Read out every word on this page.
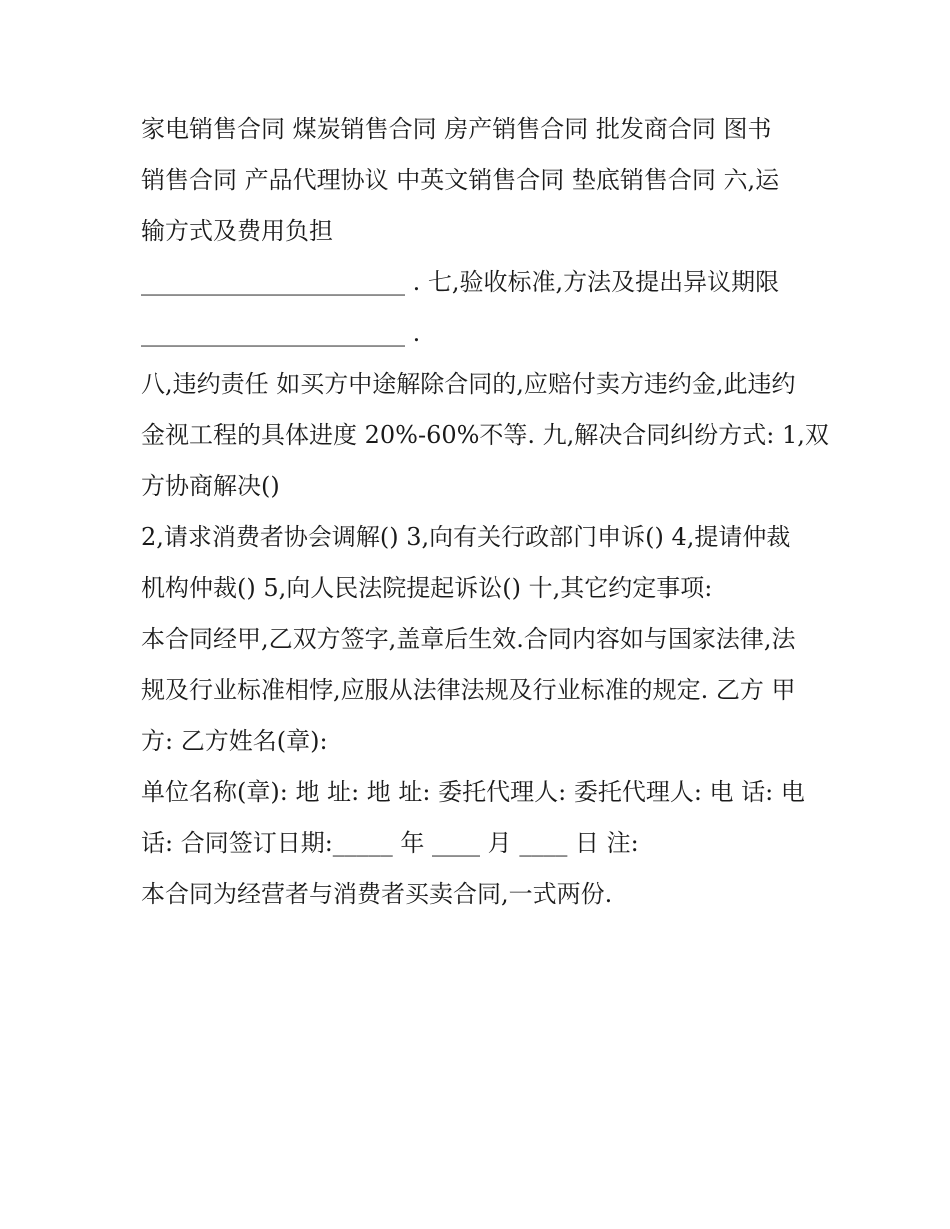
家电销售合同 煤炭销售合同 房产销售合同 批发商合同 图书
销售合同 产品代理协议 中英文销售合同 垫底销售合同 六,运
输方式及费用负担
______________________ . 七,验收标准,方法及提出异议期限
______________________ .
八,违约责任 如买方中途解除合同的,应赔付卖方违约金,此违约
金视工程的具体进度 20%-60%不等. 九,解决合同纠纷方式: 1,双
方协商解决()
2,请求消费者协会调解() 3,向有关行政部门申诉() 4,提请仲裁
机构仲裁() 5,向人民法院提起诉讼() 十,其它约定事项:
本合同经甲,乙双方签字,盖章后生效.合同内容如与国家法律,法
规及行业标准相悖,应服从法律法规及行业标准的规定. 乙方 甲
方: 乙方姓名(章):
单位名称(章): 地 址: 地 址: 委托代理人: 委托代理人: 电 话: 电
话: 合同签订日期:_____ 年 ____ 月 ____ 日 注:
本合同为经营者与消费者买卖合同,一式两份.
